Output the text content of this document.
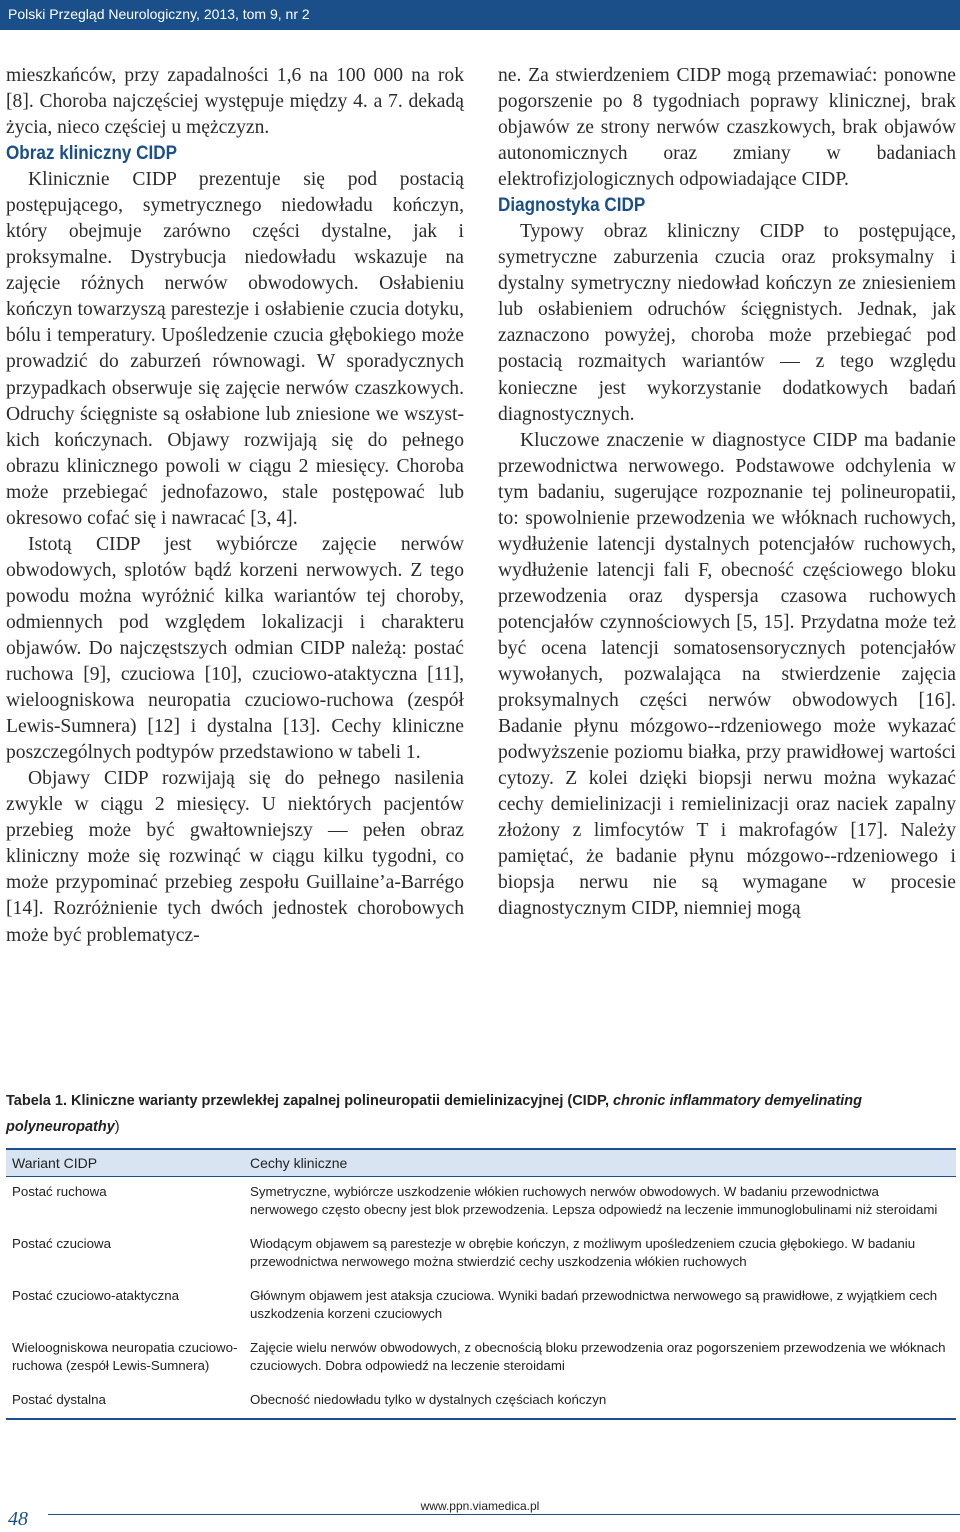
Polski Przegląd Neurologiczny, 2013, tom 9, nr 2

mieszkańców, przy zapadalności 1,6 na 100 000 na rok [8]. Choroba najczęściej występuje między 4. a 7. dekadą życia, nieco częściej u mężczyzn.

Obraz kliniczny CIDP

Klinicznie CIDP prezentuje się pod postacią postępującego, symetrycznego niedowładu kończyn, który obejmuje zarówno części dystalne, jak i proksymalne. Dystrybucja niedowładu wskazuje na zajęcie różnych nerwów obwodowych. Osłabieniu kończyn towarzyszą parestezje i osłabienie czucia dotyku, bólu i temperatury. Upośledzenie czucia głębokiego może prowadzić do zaburzeń równowagi. W sporadycznych przypadkach obserwuje się zajęcie nerwów czaszkowych. Odruchy ścięgniste są osłabione lub zniesione we wszystkich kończynach. Objawy rozwijają się do pełnego obrazu klinicznego powoli w ciągu 2 miesięcy. Choroba może przebiegać jednofazowo, stale postępować lub okresowo cofać się i nawracać [3, 4].

Istotą CIDP jest wybiórcze zajęcie nerwów obwodowych, splotów bądź korzeni nerwowych. Z tego powodu można wyróżnić kilka wariantów tej choroby, odmiennych pod względem lokalizacji i charakteru objawów. Do najczęstszych odmian CIDP należą: postać ruchowa [9], czuciowa [10], czuciowo-ataktyczna [11], wieloogniskowa neuropatia czuciowo-ruchowa (zespół Lewis-Sumnera) [12] i dystalna [13]. Cechy kliniczne poszczególnych podtypów przedstawiono w tabeli 1.

Objawy CIDP rozwijają się do pełnego nasilenia zwykle w ciągu 2 miesięcy. U niektórych pacjentów przebieg może być gwałtowniejszy — pełen obraz kliniczny może się rozwinąć w ciągu kilku tygodni, co może przypominać przebieg zespołu Guillaine’a-Barrégo [14]. Rozróżnienie tych dwóch jednostek chorobowych może być problematycz-

ne. Za stwierdzeniem CIDP mogą przemawiać: ponowne pogorszenie po 8 tygodniach poprawy klinicznej, brak objawów ze strony nerwów czaszkowych, brak objawów autonomicznych oraz zmiany w badaniach elektrofizjologicznych odpowiadające CIDP.

Diagnostyka CIDP

Typowy obraz kliniczny CIDP to postępujące, symetryczne zaburzenia czucia oraz proksymalny i dystalny symetryczny niedowład kończyn ze zniesieniem lub osłabieniem odruchów ścięgnistych. Jednak, jak zaznaczono powyżej, choroba może przebiegać pod postacią rozmaitych wariantów — z tego względu konieczne jest wykorzystanie dodatkowych badań diagnostycznych.

Kluczowe znaczenie w diagnostyce CIDP ma badanie przewodnictwa nerwowego. Podstawowe odchylenia w tym badaniu, sugerujące rozpoznanie tej polineuropatii, to: spowolnienie przewodzenia we włóknach ruchowych, wydłużenie latencji dystalnych potencjałów ruchowych, wydłużenie latencji fali F, obecność częściowego bloku przewodzenia oraz dyspersja czasowa ruchowych potencjałów czynnościowych [5, 15]. Przydatna może też być ocena latencji somatosensorycznych potencjałów wywołanych, pozwalająca na stwierdzenie zajęcia proksymalnych części nerwów obwodowych [16]. Badanie płynu mózgowo--rdzeniowego może wykazać podwyższenie poziomu białka, przy prawidłowej wartości cytozy. Z kolei dzięki biopsji nerwu można wykazać cechy demielinizacji i remielinizacji oraz naciek zapalny złożony z limfocytów T i makrofagów [17]. Należy pamiętać, że badanie płynu mózgowo--rdzeniowego i biopsja nerwu nie są wymagane w procesie diagnostycznym CIDP, niemniej mogą

Tabela 1. Kliniczne warianty przewlekłej zapalnej polineuropatii demielinizacyjnej (CIDP, chronic inflammatory demyelinating polyneuropathy)
Wariant CIDP	Cechy kliniczne
Postać ruchowa	Symetryczne, wybiórcze uszkodzenie włókien ruchowych nerwów obwodowych. W badaniu przewodnictwa nerwowego często obecny jest blok przewodzenia. Lepsza odpowiedź na leczenie immunoglobulinami niż steroidami
Postać czuciowa	Wiodącym objawem są parestezje w obrębie kończyn, z możliwym upośledzeniem czucia głębokiego. W badaniu przewodnictwa nerwowego można stwierdzić cechy uszkodzenia włókien ruchowych
Postać czuciowo-ataktyczna	Głównym objawem jest ataksja czuciowa. Wyniki badań przewodnictwa nerwowego są prawidłowe, z wyjątkiem cech uszkodzenia korzeni czuciowych
Wieloogniskowa neuropatia czuciowo-ruchowa (zespół Lewis-Sumnera)	Zajęcie wielu nerwów obwodowych, z obecnością bloku przewodzenia oraz pogorszeniem przewodzenia we włóknach czuciowych. Dobra odpowiedź na leczenie steroidami
Postać dystalna	Obecność niedowładu tylko w dystalnych częściach kończyn
48
www.ppn.viamedica.pl
